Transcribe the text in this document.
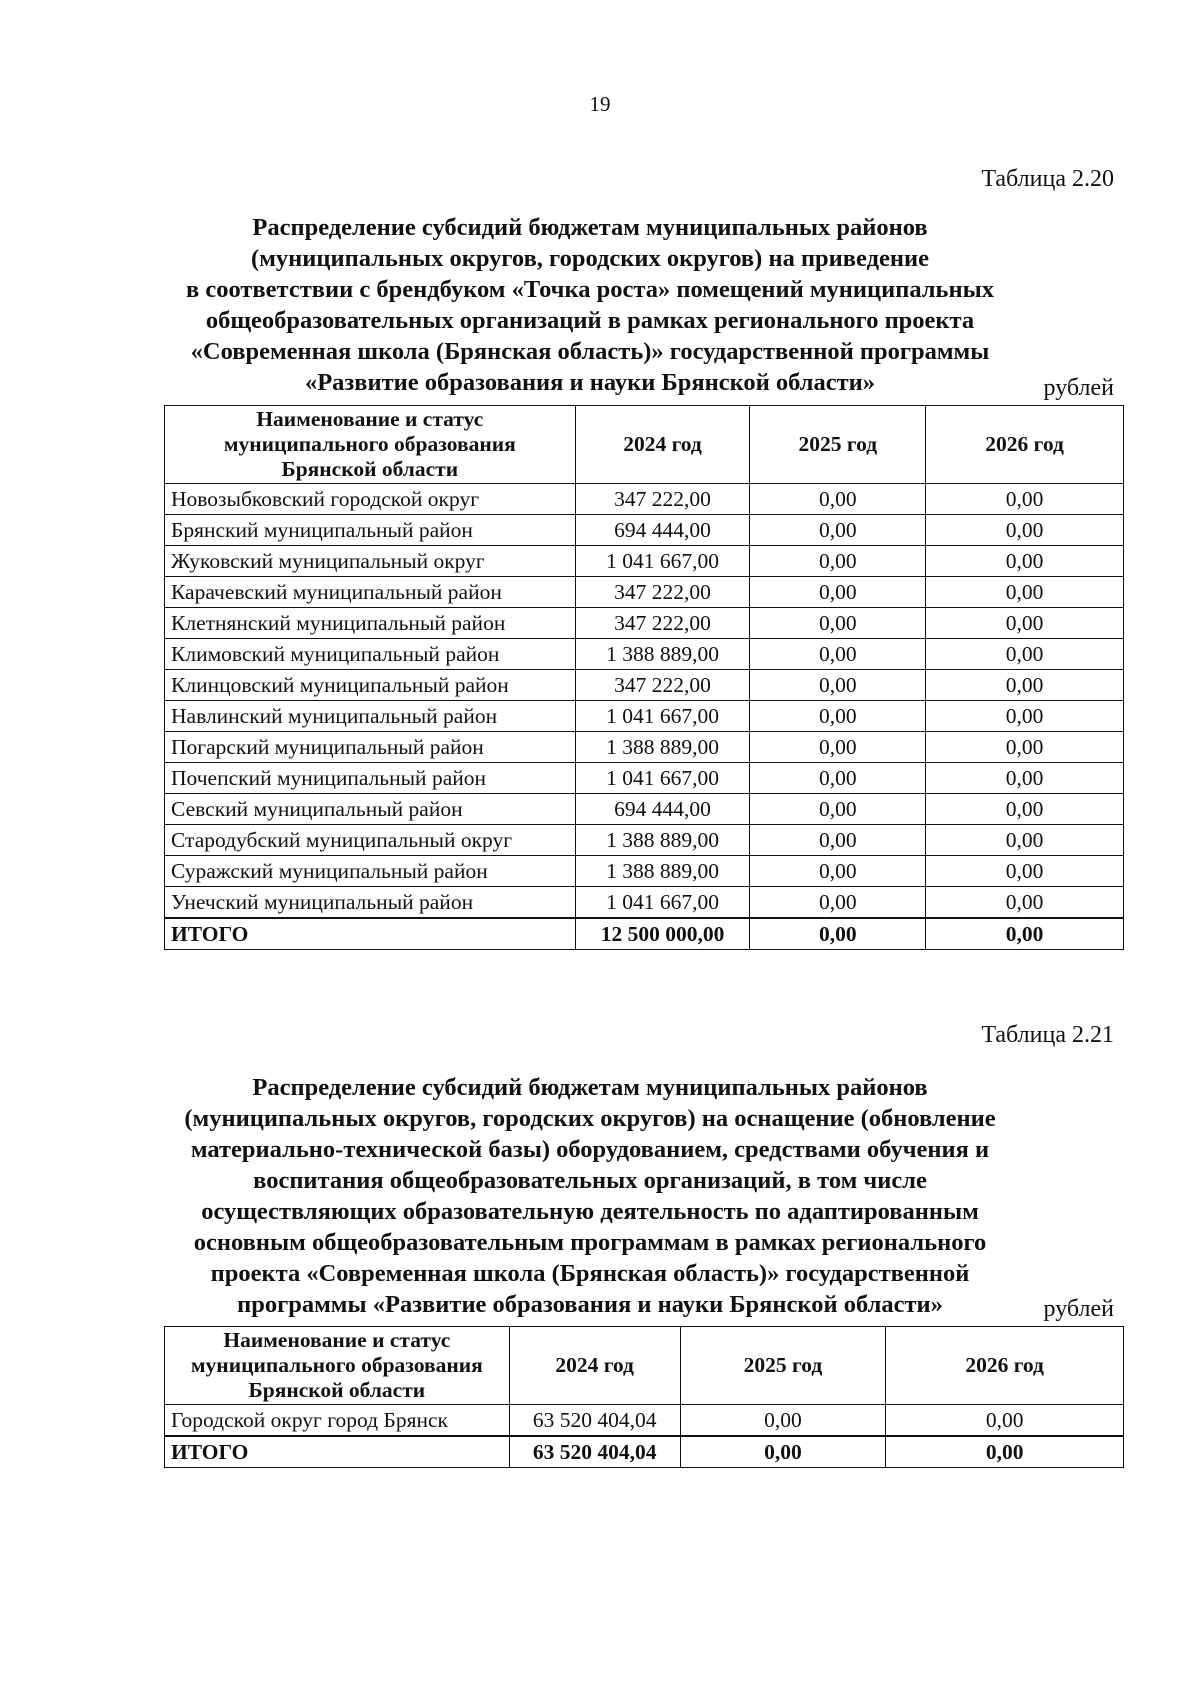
19
Таблица 2.20
Распределение субсидий бюджетам муниципальных районов
(муниципальных округов, городских округов) на приведение
в соответствии с брендбуком «Точка роста» помещений муниципальных
общеобразовательных организаций в рамках регионального проекта
«Современная школа (Брянская область)» государственной программы
«Развитие образования и науки Брянской области»	рублей
Наименование и статус
муниципального образования
Брянской области	2024 год	2025 год	2026 год
Новозыбковский городской округ	347 222,00	0,00	0,00
Брянский муниципальный район	694 444,00	0,00	0,00
Жуковский муниципальный округ	1 041 667,00	0,00	0,00
Карачевский муниципальный район	347 222,00	0,00	0,00
Клетнянский муниципальный район	347 222,00	0,00	0,00
Климовский муниципальный район	1 388 889,00	0,00	0,00
Клинцовский муниципальный район	347 222,00	0,00	0,00
Навлинский муниципальный район	1 041 667,00	0,00	0,00
Погарский муниципальный район	1 388 889,00	0,00	0,00
Почепский муниципальный район	1 041 667,00	0,00	0,00
Севский муниципальный район	694 444,00	0,00	0,00
Стародубский муниципальный округ	1 388 889,00	0,00	0,00
Суражский муниципальный район	1 388 889,00	0,00	0,00
Унечский муниципальный район	1 041 667,00	0,00	0,00
ИТОГО	12 500 000,00	0,00	0,00
Таблица 2.21
Распределение субсидий бюджетам муниципальных районов
(муниципальных округов, городских округов) на оснащение (обновление
материально-технической базы) оборудованием, средствами обучения и
воспитания общеобразовательных организаций, в том числе
осуществляющих образовательную деятельность по адаптированным
основным общеобразовательным программам в рамках регионального
проекта «Современная школа (Брянская область)» государственной
программы «Развитие образования и науки Брянской области»	рублей
Наименование и статус
муниципального образования
Брянской области	2024 год	2025 год	2026 год
Городской округ город Брянск	63 520 404,04	0,00	0,00
ИТОГО	63 520 404,04	0,00	0,00
